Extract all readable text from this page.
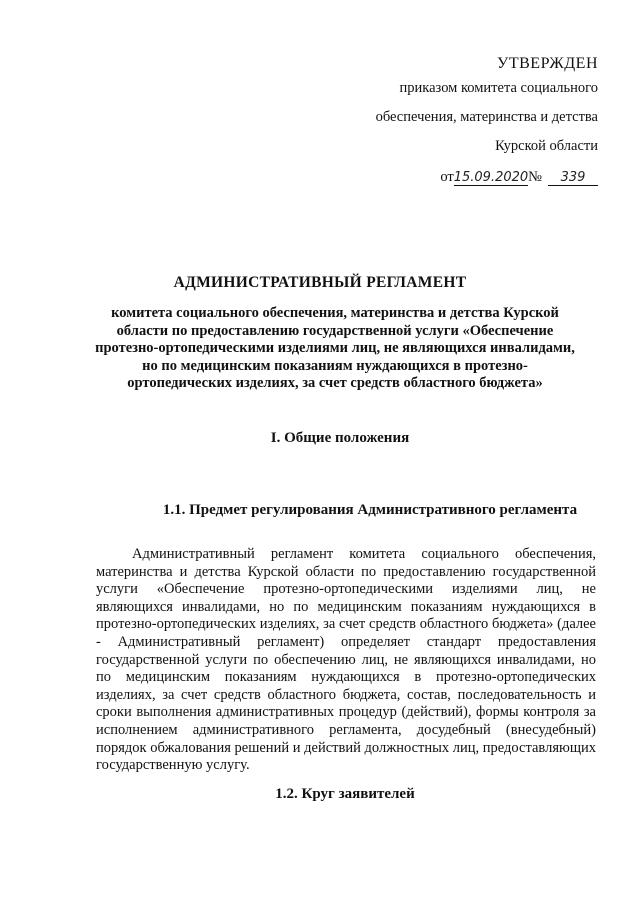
УТВЕРЖДЕН
приказом комитета социального
обеспечения, материнства и детства
Курской области
от15.09.2020№ 339
АДМИНИСТРАТИВНЫЙ РЕГЛАМЕНТ
комитета социального обеспечения, материнства и детства Курской области по предоставлению государственной услуги «Обеспечение протезно-ортопедическими изделиями лиц, не являющихся инвалидами, но по медицинским показаниям нуждающихся в протезно-ортопедических изделиях, за счет средств областного бюджета»
I. Общие положения
1.1. Предмет регулирования Административного регламента
Административный регламент комитета социального обеспечения, материнства и детства Курской области по предоставлению государственной услуги «Обеспечение протезно-ортопедическими изделиями лиц, не являющихся инвалидами, но по медицинским показаниям нуждающихся в протезно-ортопедических изделиях, за счет средств областного бюджета» (далее - Административный регламент) определяет стандарт предоставления государственной услуги по обеспечению лиц, не являющихся инвалидами, но по медицинским показаниям нуждающихся в протезно-ортопедических изделиях, за счет средств областного бюджета, состав, последовательность и сроки выполнения административных процедур (действий), формы контроля за исполнением административного регламента, досудебный (внесудебный) порядок обжалования решений и действий должностных лиц, предоставляющих государственную услугу.
1.2. Круг заявителей
